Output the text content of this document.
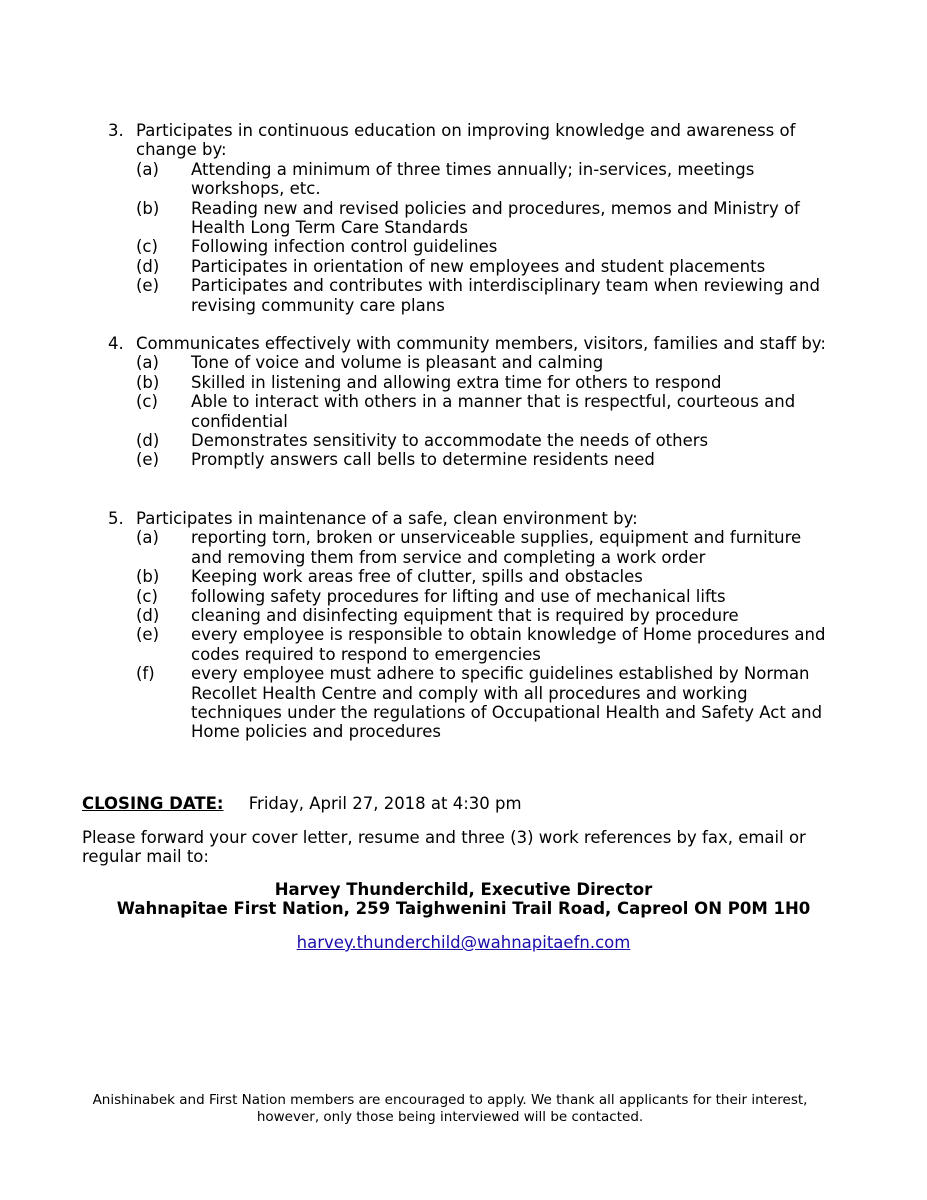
3. Participates in continuous education on improving knowledge and awareness of change by:
(a)	Attending a minimum of three times annually; in-services, meetings workshops, etc.
(b)	Reading new and revised policies and procedures, memos and Ministry of Health Long Term Care Standards
(c)	Following infection control guidelines
(d)	Participates in orientation of new employees and student placements
(e)	Participates and contributes with interdisciplinary team when reviewing and revising community care plans
4. Communicates effectively with community members, visitors, families and staff by:
(a)	Tone of voice and volume is pleasant and calming
(b)	Skilled in listening and allowing extra time for others to respond
(c)	Able to interact with others in a manner that is respectful, courteous and confidential
(d)	Demonstrates sensitivity to accommodate the needs of others
(e)	Promptly answers call bells to determine residents need
5. Participates in maintenance of a safe, clean environment by:
(a)	reporting torn, broken or unserviceable supplies, equipment and furniture and removing them from service and completing a work order
(b)	Keeping work areas free of clutter, spills and obstacles
(c)	following safety procedures for lifting and use of mechanical lifts
(d)	cleaning and disinfecting equipment that is required by procedure
(e)	every employee is responsible to obtain knowledge of Home procedures and codes required to respond to emergencies
(f)	every employee must adhere to specific guidelines established by Norman Recollet Health Centre and comply with all procedures and working techniques under the regulations of Occupational Health and Safety Act and Home policies and procedures
CLOSING DATE: Friday, April 27, 2018 at 4:30 pm
Please forward your cover letter, resume and three (3) work references by fax, email or regular mail to:
Harvey Thunderchild, Executive Director
Wahnapitae First Nation, 259 Taighwenini Trail Road, Capreol ON P0M 1H0
harvey.thunderchild@wahnapitaefn.com
Anishinabek and First Nation members are encouraged to apply. We thank all applicants for their interest,
however, only those being interviewed will be contacted.
